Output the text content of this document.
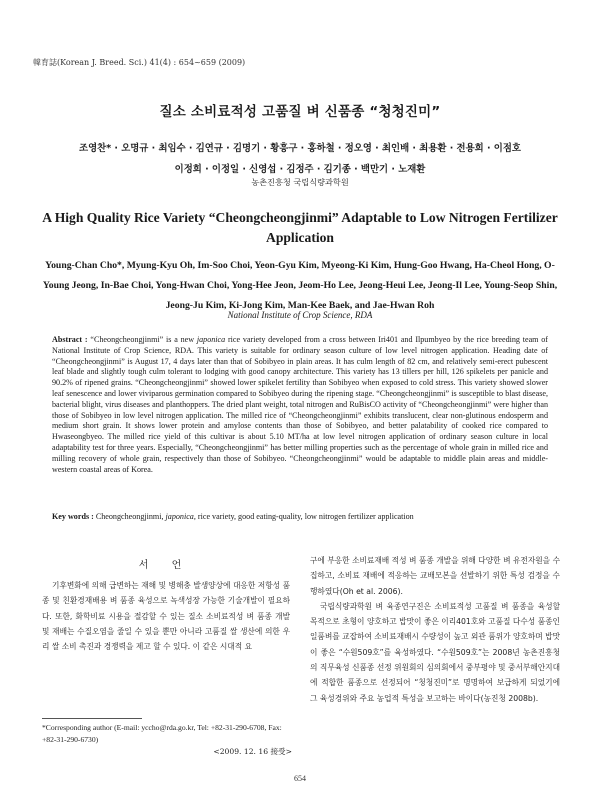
韓育誌(Korean J. Breed. Sci.) 41(4) : 654~659 (2009)
질소 소비료적성 고품질 벼 신품종 “청청진미”
조영찬* · 오명규 · 최임수 · 김연규 · 김명기 · 황흥구 · 홍하철 · 정오영 · 최인배 · 최용환 · 전용희 · 이점호
이정희 · 이정일 · 신영섭 · 김정주 · 김기종 · 백만기 · 노재환
농촌진흥청 국립식량과학원
A High Quality Rice Variety “Cheongcheongjinmi” Adaptable to Low Nitrogen Fertilizer Application
Young-Chan Cho*, Myung-Kyu Oh, Im-Soo Choi, Yeon-Gyu Kim, Myeong-Ki Kim, Hung-Goo Hwang, Ha-Cheol Hong, O-Young Jeong, In-Bae Choi, Yong-Hwan Choi, Yong-Hee Jeon, Jeom-Ho Lee, Jeong-Heui Lee, Jeong-Il Lee, Young-Seop Shin, Jeong-Ju Kim, Ki-Jong Kim, Man-Kee Baek, and Jae-Hwan Roh
National Institute of Crop Science, RDA
Abstract : “Cheongcheongjinmi” is a new japonica rice variety developed from a cross between Iri401 and Ilpumbyeo by the rice breeding team of National Institute of Crop Science, RDA. This variety is suitable for ordinary season culture of low level nitrogen application. Heading date of “Cheongcheongjinmi” is August 17, 4 days later than that of Sobibyeo in plain areas. It has culm length of 82 cm, and relatively semi-erect pubescent leaf blade and slightly tough culm tolerant to lodging with good canopy architecture. This variety has 13 tillers per hill, 126 spikelets per panicle and 90.2% of ripened grains. “Cheongcheongjinmi” showed lower spikelet fertility than Sobibyeo when exposed to cold stress. This variety showed slower leaf senescence and lower viviparous germination compared to Sobibyeo during the ripening stage. “Cheongcheongjinmi” is susceptible to blast disease, bacterial blight, virus diseases and planthoppers. The dried plant weight, total nitrogen and RuBisCO activity of “Cheongcheongjinmi” were higher than those of Sobibyeo in low level nitrogen application. The milled rice of “Cheongcheongjinmi” exhibits translucent, clear non-glutinous endosperm and medium short grain. It shows lower protein and amylose contents than those of Sobibyeo, and better palatability of cooked rice compared to Hwaseongbyeo. The milled rice yield of this cultivar is about 5.10 MT/ha at low level nitrogen application of ordinary season culture in local adaptability test for three years. Especially, “Cheongcheongjinmi” has better milling properties such as the percentage of whole grain in milled rice and milling recovery of whole grain, respectively than those of Sobibyeo. “Cheongcheongjinmi” would be adaptable to middle plain areas and middle-western coastal areas of Korea.
Key words : Cheongcheongjinmi, japonica, rice variety, good eating-quality, low nitrogen fertilizer application
서 언

기후변화에 의해 급변하는 재해 및 병해충 발생양상에 대응한 저항성 품종 및 친환경재배용 벼 품종 육성으로 녹색성장 가능한 기술개발이 필요하다. 또한, 화학비료 시용을 절감할 수 있는 질소 소비료적성 벼 품종 개발 및 재배는 수질오염을 줄일 수 있을 뿐만 아니라 고품질 쌀 생산에 의한 우리 쌀 소비 촉진과 경쟁력을 제고 할 수 있다. 이 같은 시대적 요

구에 부응한 소비료재배 적성 벼 품종 개발을 위해 다양한 벼 유전자원을 수집하고, 소비료 재배에 적응하는 교배모본을 선발하기 위한 특성 검정을 수행하였다(Oh et al. 2006).

국립식량과학원 벼 육종연구진은 소비료적성 고품질 벼 품종을 육성할 목적으로 초형이 양호하고 밥맛이 좋은 이리401호와 고품질 다수성 품종인 일품벼를 교잡하여 소비료재배시 수량성이 높고 외관 품위가 양호하며 밥맛이 좋은 “수원509호”를 육성하였다. “수원509호”는 2008년 농촌진흥청의 직무육성 신품종 선정 위원회의 심의회에서 중부평야 및 중서부해안지대에 적합한 품종으로 선정되어 “청청진미”로 명명하여 보급하게 되었기에 그 육성경위와 주요 농업적 특성을 보고하는 바이다(농진청 2008b).

*Corresponding author (E-mail: yccho@rda.go.kr, Tel: +82-31-290-6708, Fax: +82-31-290-6730)
<2009. 12. 16 接受>
654
